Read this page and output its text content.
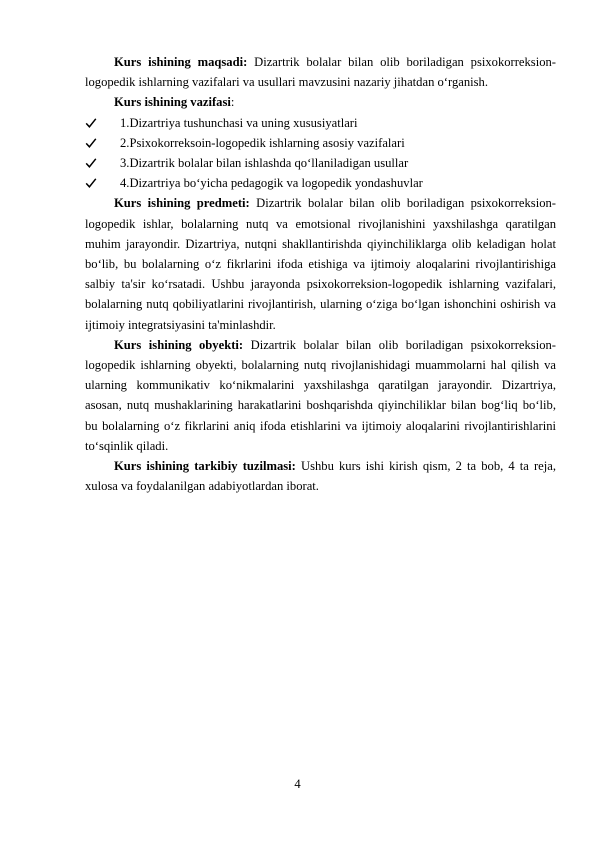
Kurs ishining maqsadi: Dizartrik bolalar bilan olib boriladigan psixokorreksion-logopedik ishlarning vazifalari va usullari mavzusini nazariy jihatdan o‘rganish.

Kurs ishining vazifasi:

1.Dizartriya tushunchasi va uning xususiyatlari
2.Psixokorreksoin-logopedik ishlarning asosiy vazifalari
3.Dizartrik bolalar bilan ishlashda qo‘llaniladigan usullar
4.Dizartriya bo‘yicha pedagogik va logopedik yondashuvlar

Kurs ishining predmeti: Dizartrik bolalar bilan olib boriladigan psixokorreksion-logopedik ishlar, bolalarning nutq va emotsional rivojlanishini yaxshilashga qaratilgan muhim jarayondir. Dizartriya, nutqni shakllantirishda qiyinchiliklarga olib keladigan holat bo‘lib, bu bolalarning o‘z fikrlarini ifoda etishiga va ijtimoiy aloqalarini rivojlantirishiga salbiy ta'sir ko‘rsatadi. Ushbu jarayonda psixokorreksion-logopedik ishlarning vazifalari, bolalarning nutq qobiliyatlarini rivojlantirish, ularning o‘ziga bo‘lgan ishonchini oshirish va ijtimoiy integratsiyasini ta'minlashdir.

Kurs ishining obyekti: Dizartrik bolalar bilan olib boriladigan psixokorreksion-logopedik ishlarning obyekti, bolalarning nutq rivojlanishidagi muammolarni hal qilish va ularning kommunikativ ko‘nikmalarini yaxshilashga qaratilgan jarayondir. Dizartriya, asosan, nutq mushaklarining harakatlarini boshqarishda qiyinchiliklar bilan bog‘liq bo‘lib, bu bolalarning o‘z fikrlarini aniq ifoda etishlarini va ijtimoiy aloqalarini rivojlantirishlarini to‘sqinlik qiladi.

Kurs ishining tarkibiy tuzilmasi: Ushbu kurs ishi kirish qism, 2 ta bob, 4 ta reja, xulosa va foydalanilgan adabiyotlardan iborat.

4
